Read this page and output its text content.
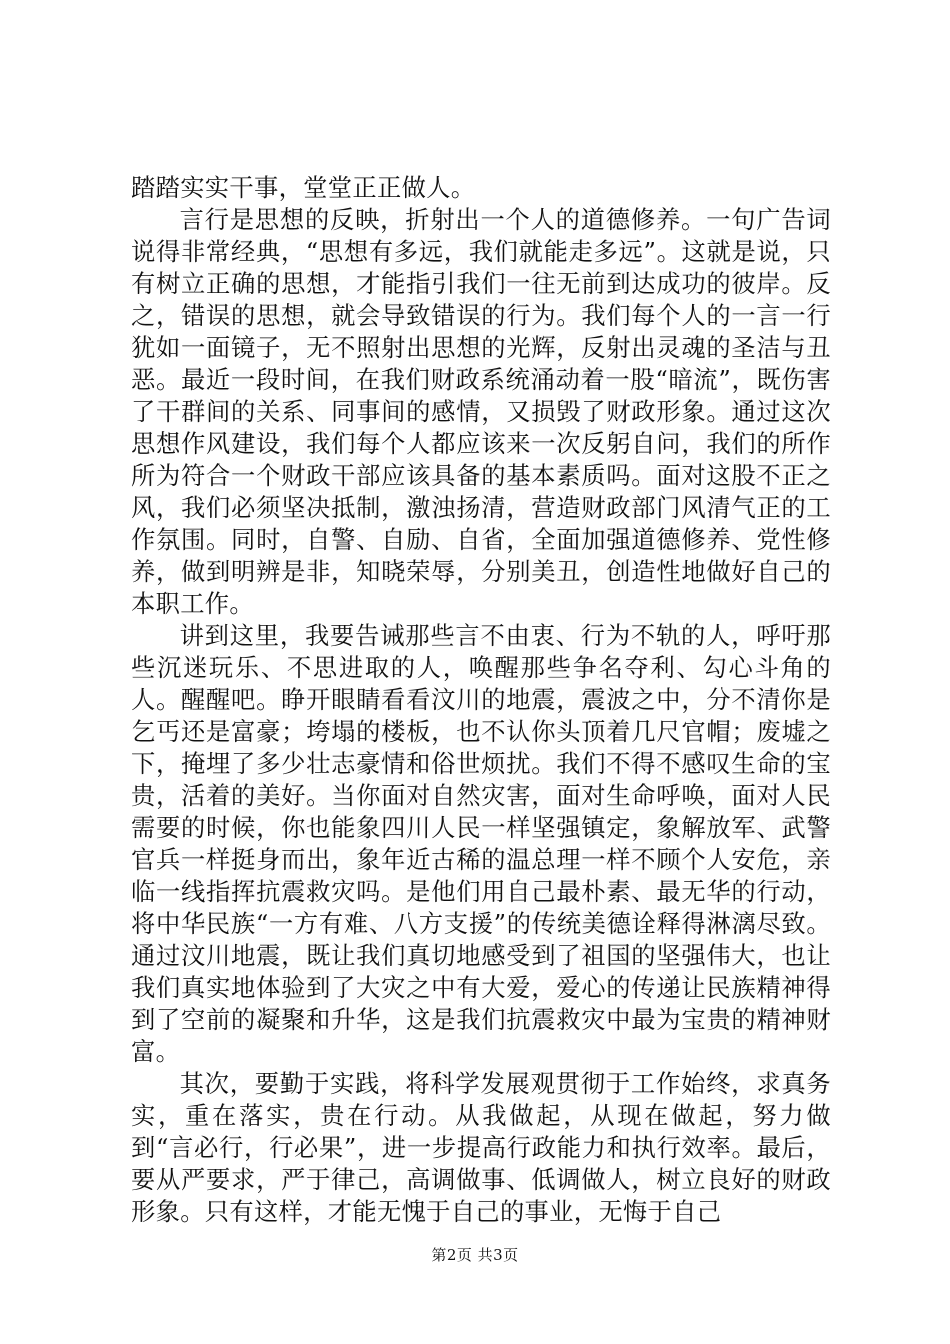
踏踏实实干事，堂堂正正做人。

言行是思想的反映，折射出一个人的道德修养。一句广告词说得非常经典，“思想有多远，我们就能走多远”。这就是说，只有树立正确的思想，才能指引我们一往无前到达成功的彼岸。反之，错误的思想，就会导致错误的行为。我们每个人的一言一行犹如一面镜子，无不照射出思想的光辉，反射出灵魂的圣洁与丑恶。最近一段时间，在我们财政系统涌动着一股“暗流”，既伤害了干群间的关系、同事间的感情，又损毁了财政形象。通过这次思想作风建设，我们每个人都应该来一次反躬自问，我们的所作所为符合一个财政干部应该具备的基本素质吗。面对这股不正之风，我们必须坚决抵制，激浊扬清，营造财政部门风清气正的工作氛围。同时，自警、自励、自省，全面加强道德修养、党性修养，做到明辨是非，知晓荣辱，分别美丑，创造性地做好自己的本职工作。

讲到这里，我要告诫那些言不由衷、行为不轨的人，呼吁那些沉迷玩乐、不思进取的人，唤醒那些争名夺利、勾心斗角的人。醒醒吧。睁开眼睛看看汶川的地震，震波之中，分不清你是乞丐还是富豪；垮塌的楼板，也不认你头顶着几尺官帽；废墟之下，掩埋了多少壮志豪情和俗世烦扰。我们不得不感叹生命的宝贵，活着的美好。当你面对自然灾害，面对生命呼唤，面对人民需要的时候，你也能象四川人民一样坚强镇定，象解放军、武警官兵一样挺身而出，象年近古稀的温总理一样不顾个人安危，亲临一线指挥抗震救灾吗。是他们用自己最朴素、最无华的行动，将中华民族“一方有难、八方支援”的传统美德诠释得淋漓尽致。通过汶川地震，既让我们真切地感受到了祖国的坚强伟大，也让我们真实地体验到了大灾之中有大爱，爱心的传递让民族精神得到了空前的凝聚和升华，这是我们抗震救灾中最为宝贵的精神财富。

其次，要勤于实践，将科学发展观贯彻于工作始终，求真务实，重在落实，贵在行动。从我做起，从现在做起，努力做到“言必行，行必果”，进一步提高行政能力和执行效率。最后，要从严要求，严于律己，高调做事、低调做人，树立良好的财政形象。只有这样，才能无愧于自己的事业，无悔于自己

第2页 共3页
